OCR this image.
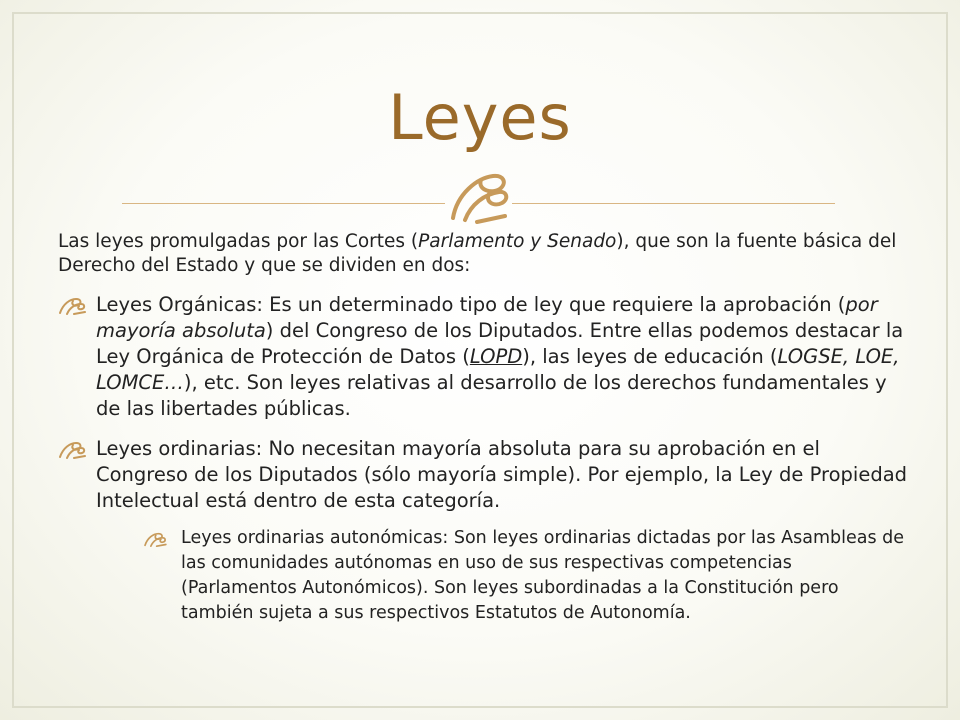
Leyes

Las leyes promulgadas por las Cortes (Parlamento y Senado), que son la fuente básica del Derecho del Estado y que se dividen en dos:

Leyes Orgánicas: Es un determinado tipo de ley que requiere la aprobación (por mayoría absoluta) del Congreso de los Diputados. Entre ellas podemos destacar la Ley Orgánica de Protección de Datos (LOPD), las leyes de educación (LOGSE, LOE, LOMCE…), etc. Son leyes relativas al desarrollo de los derechos fundamentales y de las libertades públicas.
Leyes ordinarias: No necesitan mayoría absoluta para su aprobación en el Congreso de los Diputados (sólo mayoría simple). Por ejemplo, la Ley de Propiedad Intelectual está dentro de esta categoría.
Leyes ordinarias autonómicas: Son leyes ordinarias dictadas por las Asambleas de las comunidades autónomas en uso de sus respectivas competencias (Parlamentos Autonómicos). Son leyes subordinadas a la Constitución pero también sujeta a sus respectivos Estatutos de Autonomía.
